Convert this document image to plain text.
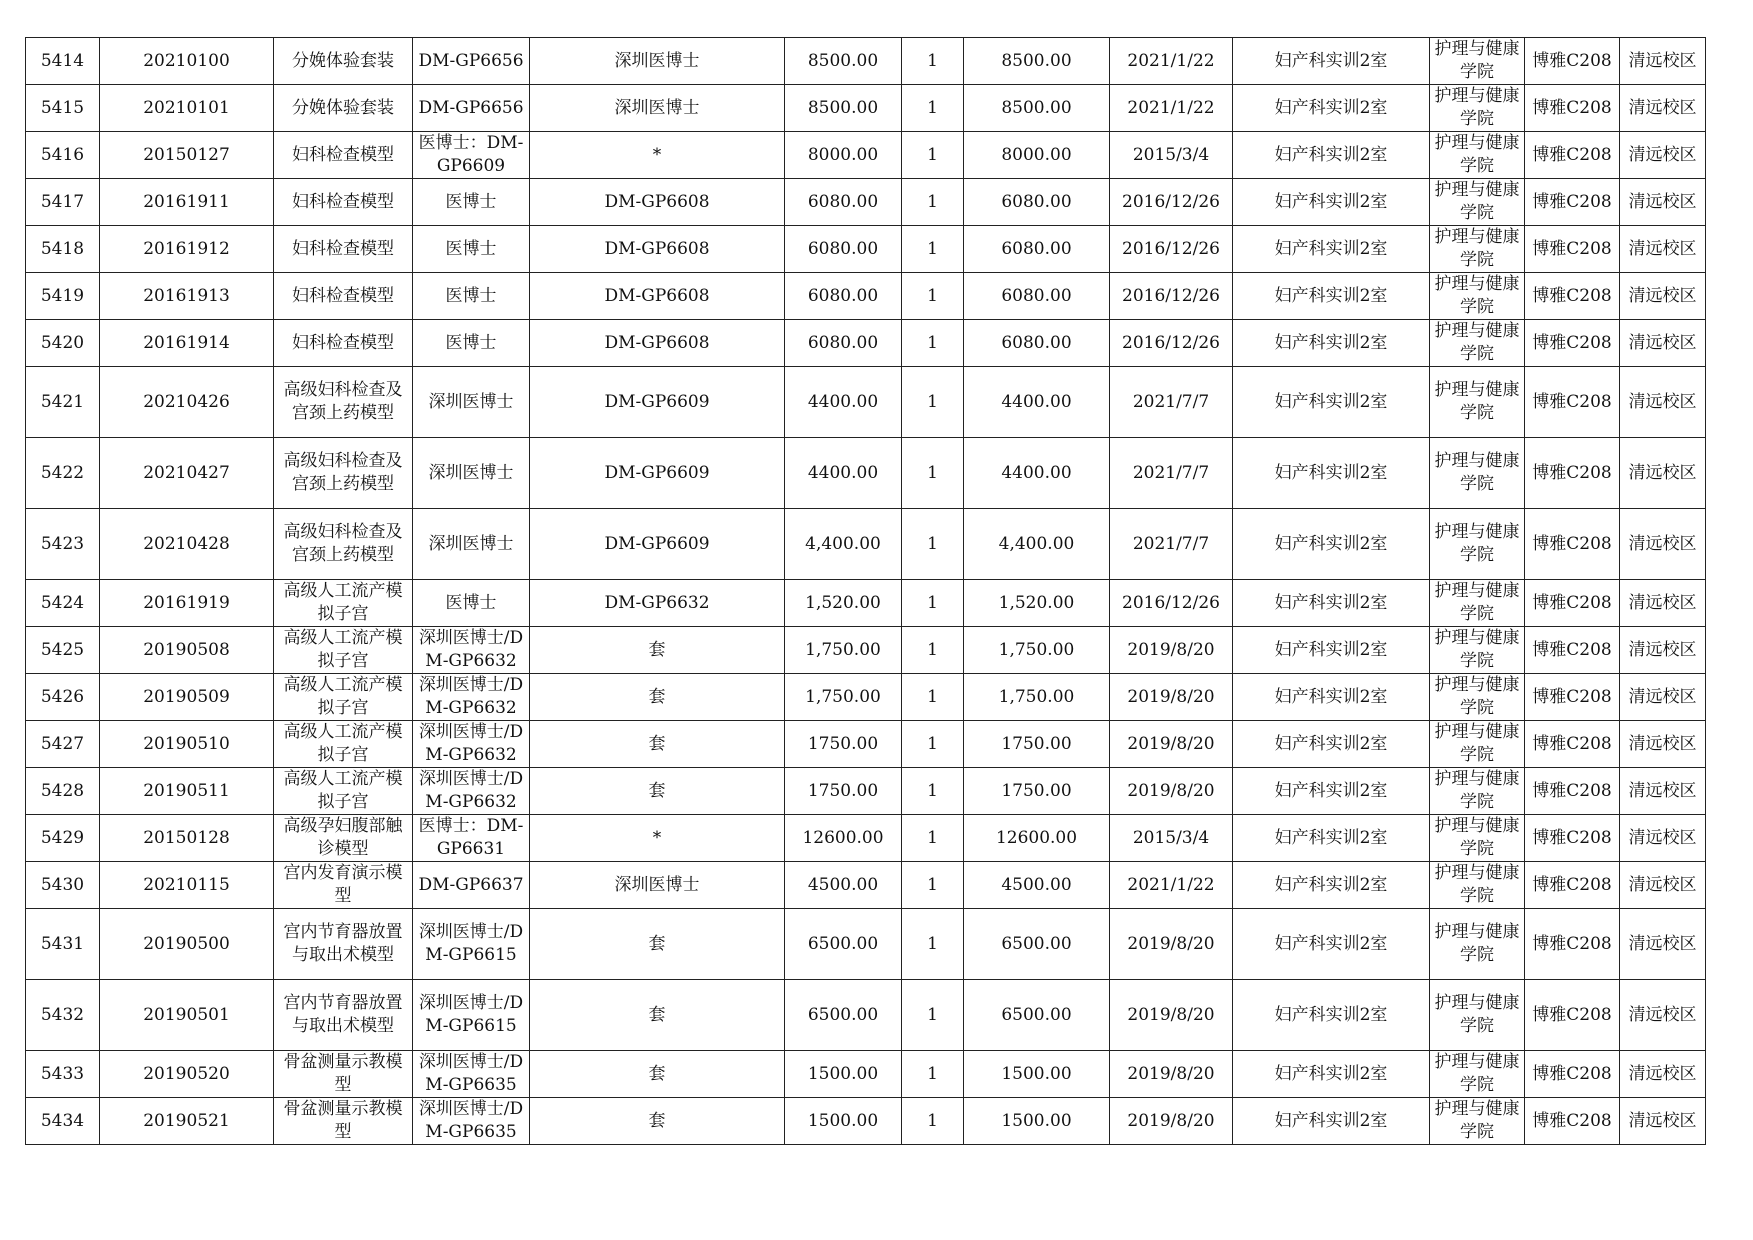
5414	20210100	分娩体验套装	DM-GP6656	深圳医博士	8500.00	1	8500.00	2021/1/22	妇产科实训2室	护理与健康学院	博雅C208	清远校区
5415	20210101	分娩体验套装	DM-GP6656	深圳医博士	8500.00	1	8500.00	2021/1/22	妇产科实训2室	护理与健康学院	博雅C208	清远校区
5416	20150127	妇科检查模型	医博士：DM-GP6609	*	8000.00	1	8000.00	2015/3/4	妇产科实训2室	护理与健康学院	博雅C208	清远校区
5417	20161911	妇科检查模型	医博士	DM-GP6608	6080.00	1	6080.00	2016/12/26	妇产科实训2室	护理与健康学院	博雅C208	清远校区
5418	20161912	妇科检查模型	医博士	DM-GP6608	6080.00	1	6080.00	2016/12/26	妇产科实训2室	护理与健康学院	博雅C208	清远校区
5419	20161913	妇科检查模型	医博士	DM-GP6608	6080.00	1	6080.00	2016/12/26	妇产科实训2室	护理与健康学院	博雅C208	清远校区
5420	20161914	妇科检查模型	医博士	DM-GP6608	6080.00	1	6080.00	2016/12/26	妇产科实训2室	护理与健康学院	博雅C208	清远校区
5421	20210426	高级妇科检查及宫颈上药模型	深圳医博士	DM-GP6609	4400.00	1	4400.00	2021/7/7	妇产科实训2室	护理与健康学院	博雅C208	清远校区
5422	20210427	高级妇科检查及宫颈上药模型	深圳医博士	DM-GP6609	4400.00	1	4400.00	2021/7/7	妇产科实训2室	护理与健康学院	博雅C208	清远校区
5423	20210428	高级妇科检查及宫颈上药模型	深圳医博士	DM-GP6609	4,400.00	1	4,400.00	2021/7/7	妇产科实训2室	护理与健康学院	博雅C208	清远校区
5424	20161919	高级人工流产模拟子宫	医博士	DM-GP6632	1,520.00	1	1,520.00	2016/12/26	妇产科实训2室	护理与健康学院	博雅C208	清远校区
5425	20190508	高级人工流产模拟子宫	深圳医博士/DM-GP6632	套	1,750.00	1	1,750.00	2019/8/20	妇产科实训2室	护理与健康学院	博雅C208	清远校区
5426	20190509	高级人工流产模拟子宫	深圳医博士/DM-GP6632	套	1,750.00	1	1,750.00	2019/8/20	妇产科实训2室	护理与健康学院	博雅C208	清远校区
5427	20190510	高级人工流产模拟子宫	深圳医博士/DM-GP6632	套	1750.00	1	1750.00	2019/8/20	妇产科实训2室	护理与健康学院	博雅C208	清远校区
5428	20190511	高级人工流产模拟子宫	深圳医博士/DM-GP6632	套	1750.00	1	1750.00	2019/8/20	妇产科实训2室	护理与健康学院	博雅C208	清远校区
5429	20150128	高级孕妇腹部触诊模型	医博士：DM-GP6631	*	12600.00	1	12600.00	2015/3/4	妇产科实训2室	护理与健康学院	博雅C208	清远校区
5430	20210115	宫内发育演示模型	DM-GP6637	深圳医博士	4500.00	1	4500.00	2021/1/22	妇产科实训2室	护理与健康学院	博雅C208	清远校区
5431	20190500	宫内节育器放置与取出术模型	深圳医博士/DM-GP6615	套	6500.00	1	6500.00	2019/8/20	妇产科实训2室	护理与健康学院	博雅C208	清远校区
5432	20190501	宫内节育器放置与取出术模型	深圳医博士/DM-GP6615	套	6500.00	1	6500.00	2019/8/20	妇产科实训2室	护理与健康学院	博雅C208	清远校区
5433	20190520	骨盆测量示教模型	深圳医博士/DM-GP6635	套	1500.00	1	1500.00	2019/8/20	妇产科实训2室	护理与健康学院	博雅C208	清远校区
5434	20190521	骨盆测量示教模型	深圳医博士/DM-GP6635	套	1500.00	1	1500.00	2019/8/20	妇产科实训2室	护理与健康学院	博雅C208	清远校区
